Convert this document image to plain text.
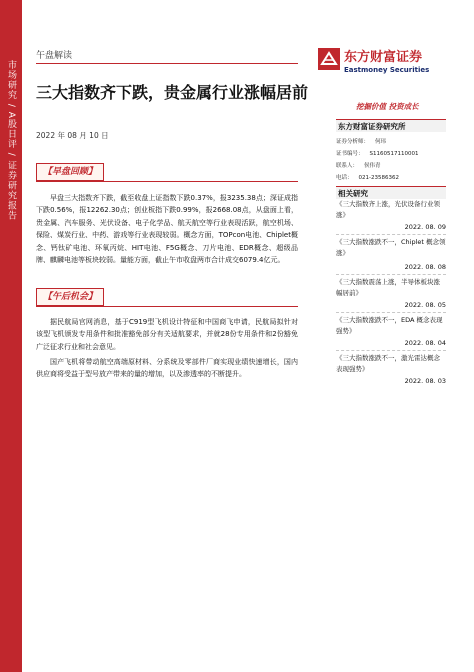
市场研究 / A股日评 / 证券研究报告
午盘解读
三大指数齐下跌，贵金属行业涨幅居前
2022 年 08 月 10 日
东方财富证券
Eastmoney Securities
挖掘价值 投资成长
【早盘回顾】
早盘三大指数齐下跌，截至收盘上证指数下跌0.37%，报3235.38点；深证成指下跌0.56%，报12262.30点；创业板指下跌0.99%，报2668.08点，从盘面上看，贵金属、汽车服务、光伏设备、电子化学品、航天航空等行业表现活跃，航空机场、保险、煤炭行业、中药、游戏等行业表现较弱。概念方面，TOPcon电池、Chiplet概念、钙钛矿电池、环氧丙烷、HIT电池、F5G概念、刀片电池、EDR概念、超级品牌、麒麟电池等板块较弱。量能方面，截止午市收盘两市合计成交6079.4亿元。
【午后机会】
据民航局官网消息，基于C919型飞机设计特征和中国商飞申请，民航局拟针对该型飞机颁发专用条件和批准豁免部分有关适航要求，并就28份专用条件和2份豁免广泛征求行业和社会意见。
国产飞机将带动航空高端原材料、分系统及零部件厂商实现业绩快速增长，国内供应商将受益于型号放产带来的量的增加，以及渗透率的不断提升。
东方财富证券研究所
证券分析师： 何玮
证书编号： S1160517110001
联系人： 侯伟青
电话： 021-23586362
相关研究
《三大指数齐上涨，光伏设备行业领涨》
2022. 08. 09
《三大指数涨跌不一，Chiplet 概念领涨》
2022. 08. 08
《三大指数震荡上涨，半导体板块涨幅居前》
2022. 08. 05
《三大指数涨跌不一，EDA 概念表现强势》
2022. 08. 04
《三大指数涨跌不一，激光雷达概念表现强势》
2022. 08. 03
